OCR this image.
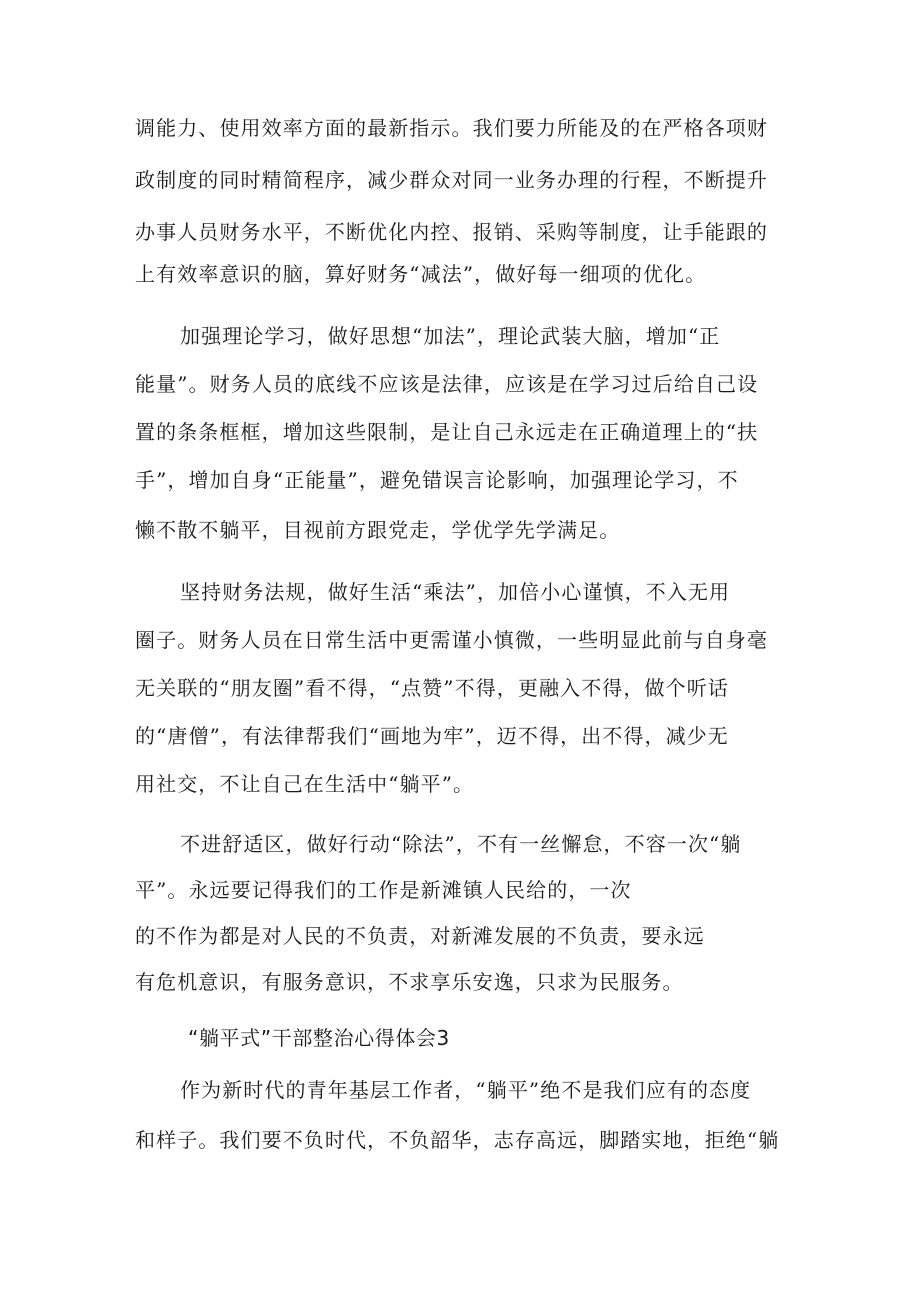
调能力、使用效率方面的最新指示。我们要力所能及的在严格各项财
政制度的同时精简程序，减少群众对同一业务办理的行程，不断提升
办事人员财务水平，不断优化内控、报销、采购等制度，让手能跟的
上有效率意识的脑，算好财务“减法”，做好每一细项的优化。
加强理论学习，做好思想“加法”，理论武装大脑，增加“正
能量”。财务人员的底线不应该是法律，应该是在学习过后给自己设
置的条条框框，增加这些限制，是让自己永远走在正确道理上的“扶
手”，增加自身“正能量”，避免错误言论影响，加强理论学习，不
懒不散不躺平，目视前方跟党走，学优学先学满足。
坚持财务法规，做好生活“乘法”，加倍小心谨慎，不入无用
圈子。财务人员在日常生活中更需谨小慎微，一些明显此前与自身毫
无关联的“朋友圈”看不得，“点赞”不得，更融入不得，做个听话
的“唐僧”，有法律帮我们“画地为牢”，迈不得，出不得，减少无
用社交，不让自己在生活中“躺平”。
不进舒适区，做好行动“除法”，不有一丝懈怠，不容一次“躺
平”。永远要记得我们的工作是新滩镇人民给的，一次
的不作为都是对人民的不负责，对新滩发展的不负责，要永远
有危机意识，有服务意识，不求享乐安逸，只求为民服务。
“躺平式”干部整治心得体会3
作为新时代的青年基层工作者，“躺平”绝不是我们应有的态度
和样子。我们要不负时代，不负韶华，志存高远，脚踏实地，拒绝“躺
